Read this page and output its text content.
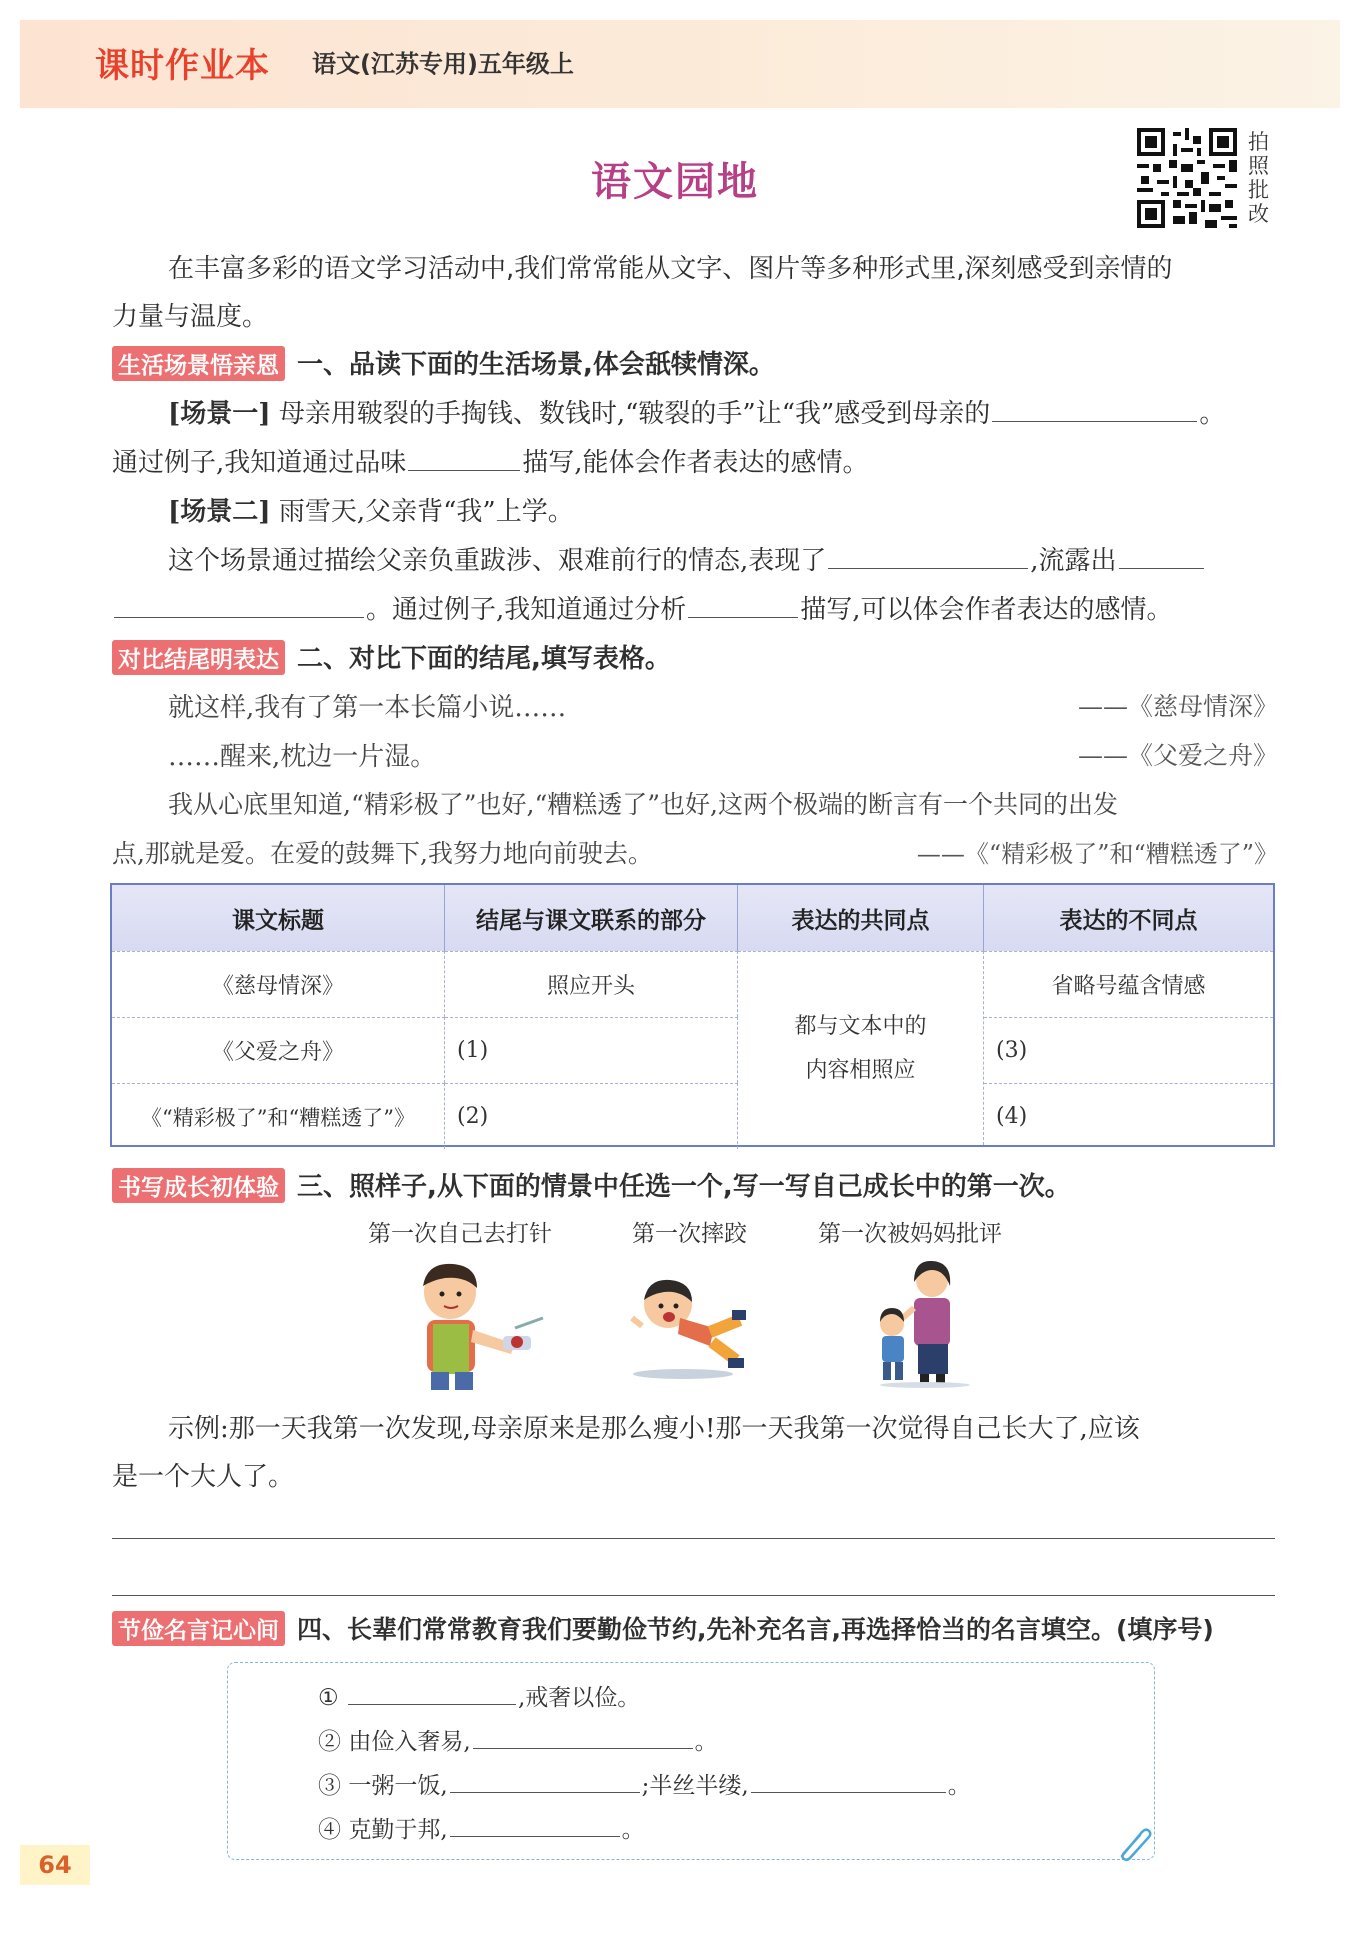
课时作业本 语文(江苏专用)五年级上
语文园地
拍
照
批
改
在丰富多彩的语文学习活动中,我们常常能从文字、图片等多种形式里,深刻感受到亲情的
力量与温度。
生活场景悟亲恩 一、品读下面的生活场景,体会舐犊情深。
[场景一] 母亲用皲裂的手掏钱、数钱时,“皲裂的手”让“我”感受到母亲的	。
通过例子,我知道通过品味	描写,能体会作者表达的感情。
[场景二] 雨雪天,父亲背“我”上学。
这个场景通过描绘父亲负重跋涉、艰难前行的情态,表现了	,流露出
。通过例子,我知道通过分析	描写,可以体会作者表达的感情。
对比结尾明表达 二、对比下面的结尾,填写表格。
就这样,我有了第一本长篇小说……	——《慈母情深》
……醒来,枕边一片湿。	——《父爱之舟》
我从心底里知道,“精彩极了”也好,“糟糕透了”也好,这两个极端的断言有一个共同的出发
点,那就是爱。在爱的鼓舞下,我努力地向前驶去。	——《“精彩极了”和“糟糕透了”》
课文标题	结尾与课文联系的部分	表达的共同点	表达的不同点
《慈母情深》	照应开头	省略号蕴含情感
《父爱之舟》	(1)	(3)
《“精彩极了”和“糟糕透了”》	(2)	(4)
都与文本中的
内容相照应
书写成长初体验 三、照样子,从下面的情景中任选一个,写一写自己成长中的第一次。
第一次自己去打针	第一次摔跤	第一次被妈妈批评
示例:那一天我第一次发现,母亲原来是那么瘦小!那一天我第一次觉得自己长大了,应该
是一个大人了。
节俭名言记心间 四、长辈们常常教育我们要勤俭节约,先补充名言,再选择恰当的名言填空。(填序号)
①	,戒奢以俭。
② 由俭入奢易,	。
③ 一粥一饭,	;半丝半缕,	。
④ 克勤于邦,	。
64
